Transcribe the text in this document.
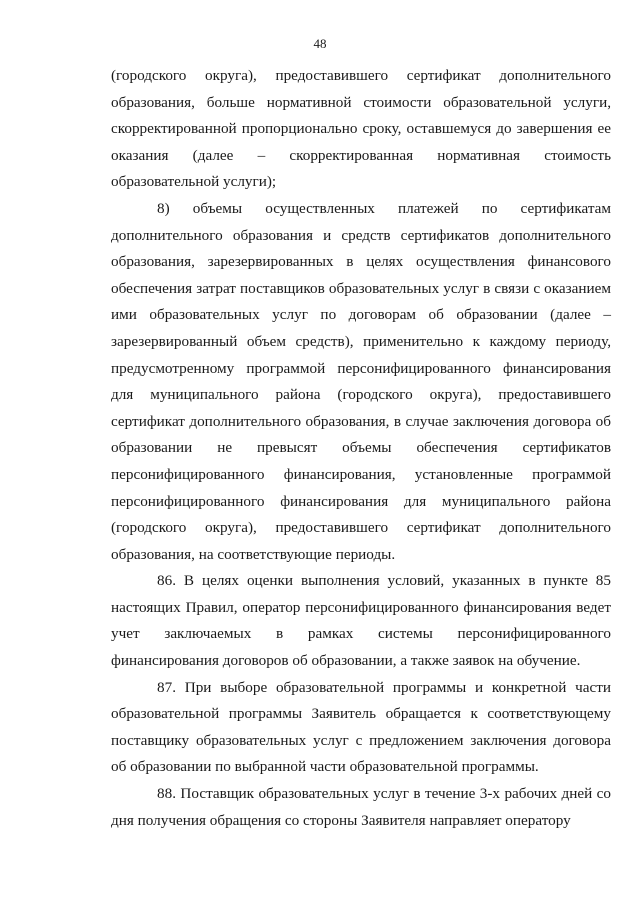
48

(городского округа), предоставившего сертификат дополнительного образования, больше нормативной стоимости образовательной услуги, скорректированной пропорционально сроку, оставшемуся до завершения ее оказания (далее – скорректированная нормативная стоимость образовательной услуги);

8) объемы осуществленных платежей по сертификатам дополнительного образования и средств сертификатов дополнительного образования, зарезервированных в целях осуществления финансового обеспечения затрат поставщиков образовательных услуг в связи с оказанием ими образовательных услуг по договорам об образовании (далее – зарезервированный объем средств), применительно к каждому периоду, предусмотренному программой персонифицированного финансирования для муниципального района (городского округа), предоставившего сертификат дополнительного образования, в случае заключения договора об образовании не превысят объемы обеспечения сертификатов персонифицированного финансирования, установленные программой персонифицированного финансирования для муниципального района (городского округа), предоставившего сертификат дополнительного образования, на соответствующие периоды.

86. В целях оценки выполнения условий, указанных в пункте 85 настоящих Правил, оператор персонифицированного финансирования ведет учет заключаемых в рамках системы персонифицированного финансирования договоров об образовании, а также заявок на обучение.

87. При выборе образовательной программы и конкретной части образовательной программы Заявитель обращается к соответствующему поставщику образовательных услуг с предложением заключения договора об образовании по выбранной части образовательной программы.

88. Поставщик образовательных услуг в течение 3-х рабочих дней со дня получения обращения со стороны Заявителя направляет оператору
